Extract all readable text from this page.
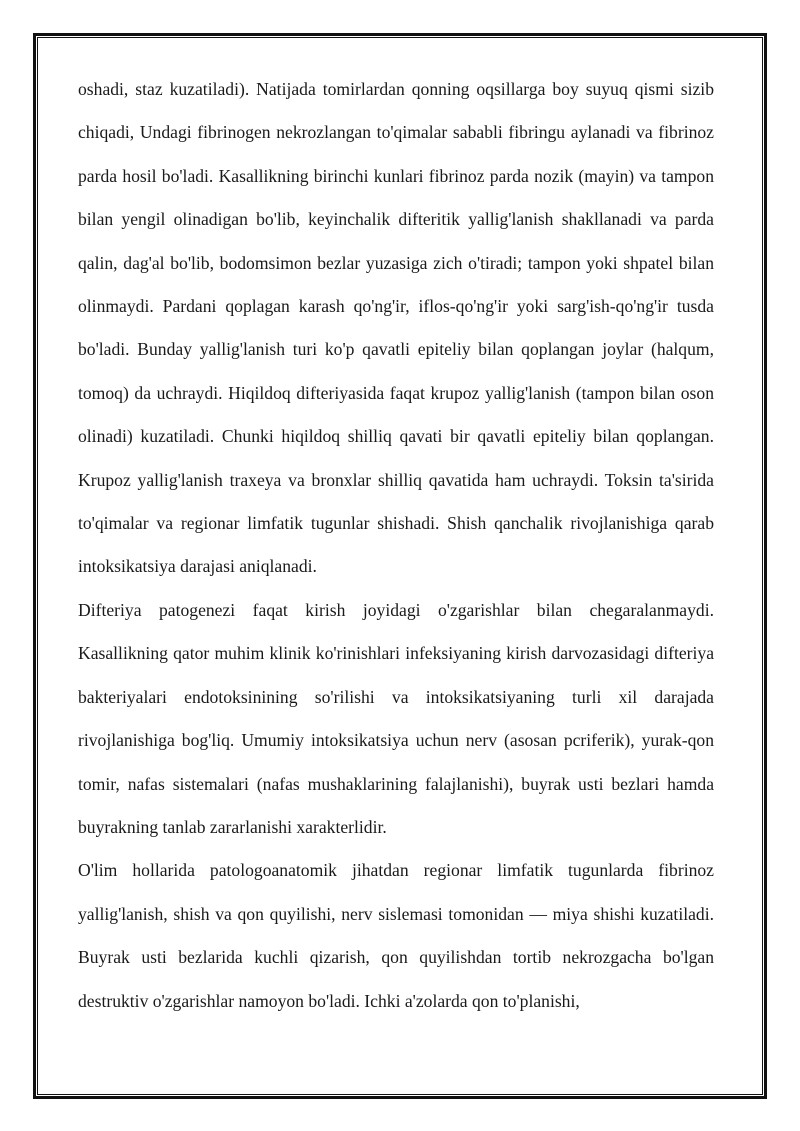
oshadi, staz kuzatiladi). Natijada tomirlardan qonning oqsillarga boy suyuq qismi sizib chiqadi, Undagi fibrinogen nekrozlangan to'qimalar sababli fibringu aylanadi va fibrinoz parda hosil bo'ladi. Kasallikning birinchi kunlari fibrinoz parda nozik (mayin) va tampon bilan yengil olinadigan bo'lib, keyinchalik difteritik yallig'lanish shakllanadi va parda qalin, dag'al bo'lib, bodomsimon bezlar yuzasiga zich o'tiradi; tampon yoki shpatel bilan olinmaydi. Pardani qoplagan karash qo'ng'ir, iflos-qo'ng'ir yoki sarg'ish-qo'ng'ir tusda bo'ladi. Bunday yallig'lanish turi ko'p qavatli epiteliy bilan qoplangan joylar (halqum, tomoq) da uchraydi. Hiqildoq difteriyasida faqat krupoz yallig'lanish (tampon bilan oson olinadi) kuzatiladi. Chunki hiqildoq shilliq qavati bir qavatli epiteliy bilan qoplangan. Krupoz yallig'lanish traxeya va bronxlar shilliq qavatida ham uchraydi. Toksin ta'sirida to'qimalar va regionar limfatik tugunlar shishadi. Shish qanchalik rivojlanishiga qarab intoksikatsiya darajasi aniqlanadi.

Difteriya patogenezi faqat kirish joyidagi o'zgarishlar bilan chegaralanmaydi. Kasallikning qator muhim klinik ko'rinishlari infeksiyaning kirish darvozasidagi difteriya bakteriyalari endotoksinining so'rilishi va intoksikatsiyaning turli xil darajada rivojlanishiga bog'liq. Umumiy intoksikatsiya uchun nerv (asosan pcriferik), yurak-qon tomir, nafas sistemalari (nafas mushaklarining falajlanishi), buyrak usti bezlari hamda buyrakning tanlab zararlanishi xarakterlidir.

O'lim hollarida patologoanatomik jihatdan regionar limfatik tugunlarda fibrinoz yallig'lanish, shish va qon quyilishi, nerv sislemasi tomonidan — miya shishi kuzatiladi. Buyrak usti bezlarida kuchli qizarish, qon quyilishdan tortib nekrozgacha bo'lgan destruktiv o'zgarishlar namoyon bo'ladi. Ichki a'zolarda qon to'planishi,
